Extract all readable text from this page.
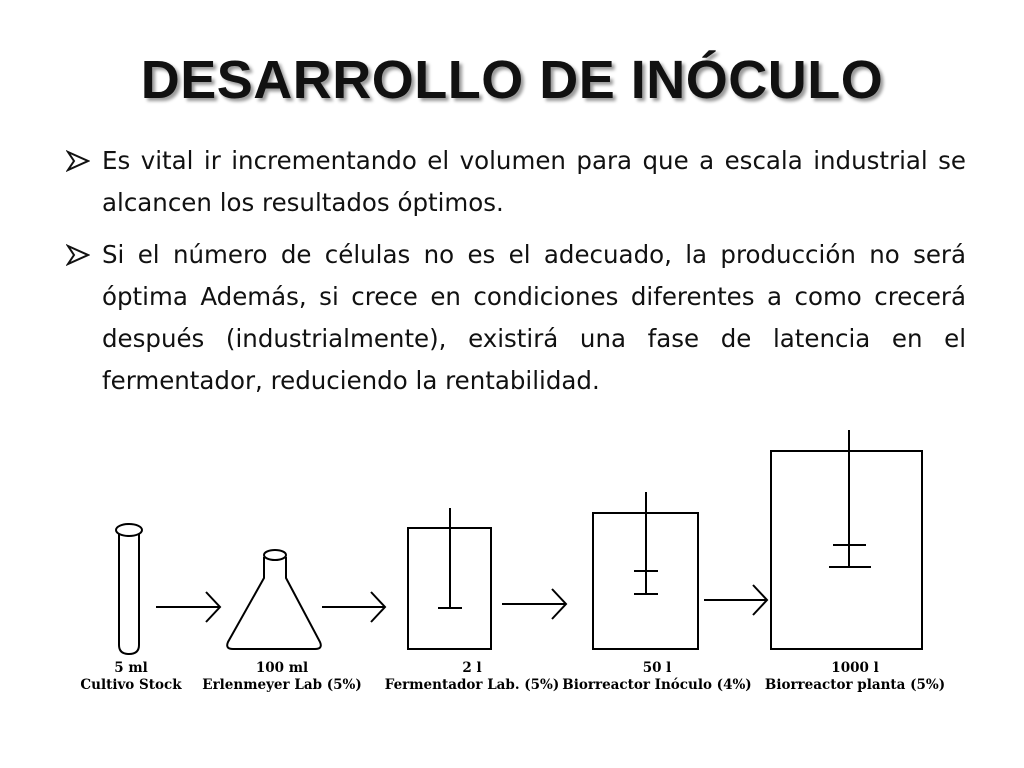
DESARROLLO DE INÓCULO
Es vital ir incrementando el volumen para que a escala industrial se alcancen los resultados óptimos.
Si el número de células no es el adecuado, la producción no será óptima Además, si crece en condiciones diferentes a como crecerá después (industrialmente), existirá una fase de latencia en el fermentador, reduciendo la rentabilidad.
5 ml
Cultivo Stock
100 ml
Erlenmeyer Lab (5%)
2 l
Fermentador Lab. (5%)
50 l
Biorreactor Inóculo (4%)
1000 l
Biorreactor planta (5%)
